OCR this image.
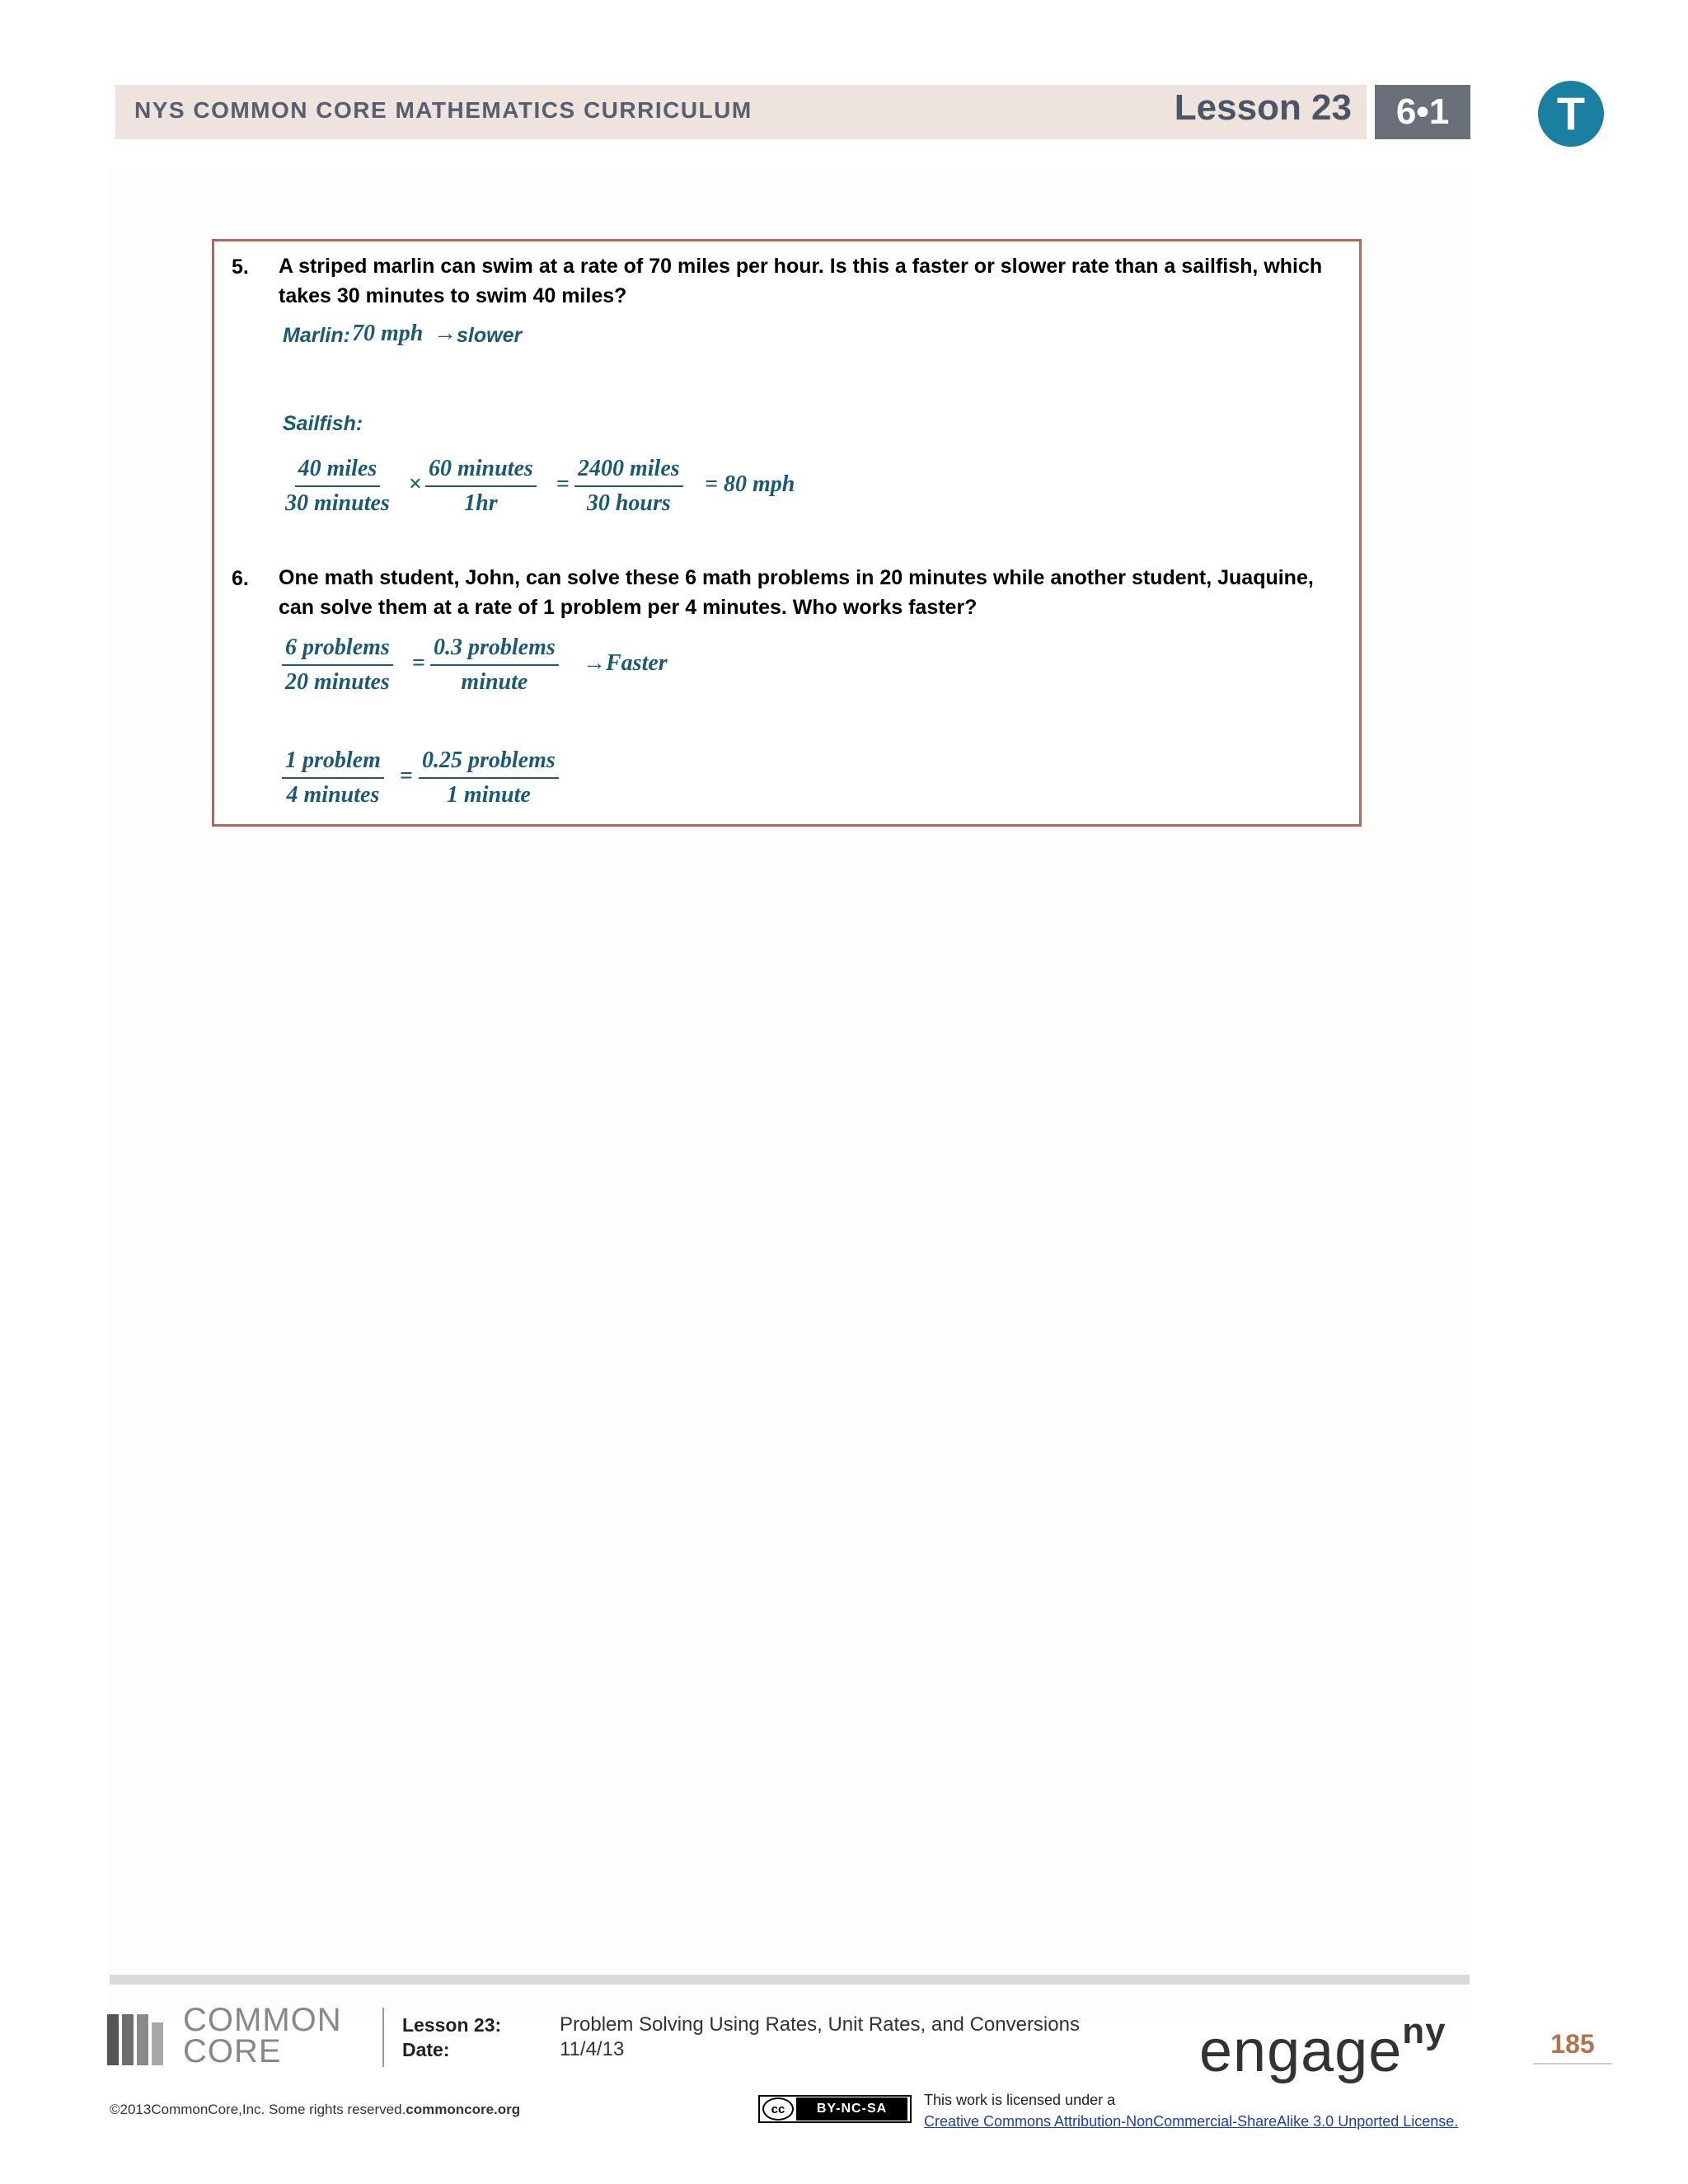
NYS COMMON CORE MATHEMATICS CURRICULUM	Lesson 23	6•1	T
5. A striped marlin can swim at a rate of 70 miles per hour. Is this a faster or slower rate than a sailfish, which takes 30 minutes to swim 40 miles?
Marlin: 70 mph → slower
Sailfish:
40 miles
30 minutes
×
60 minutes
1hr
=
2400 miles
30 hours
= 80 mph
6. One math student, John, can solve these 6 math problems in 20 minutes while another student, Juaquine, can solve them at a rate of 1 problem per 4 minutes. Who works faster?
6 problems
20 minutes
=
0.3 problems
minute
→Faster
1 problem
4 minutes
=
0.25 problems
1 minute
COMMON
CORE
Lesson 23:	Problem Solving Using Rates, Unit Rates, and Conversions
Date:	11/4/13	engage$^{ny}$	185
©2013CommonCore,Inc. Some rights reserved.commoncore.org	cc	BY-NC-SA
This work is licensed under a
Creative Commons Attribution-NonCommercial-ShareAlike 3.0 Unported License.
